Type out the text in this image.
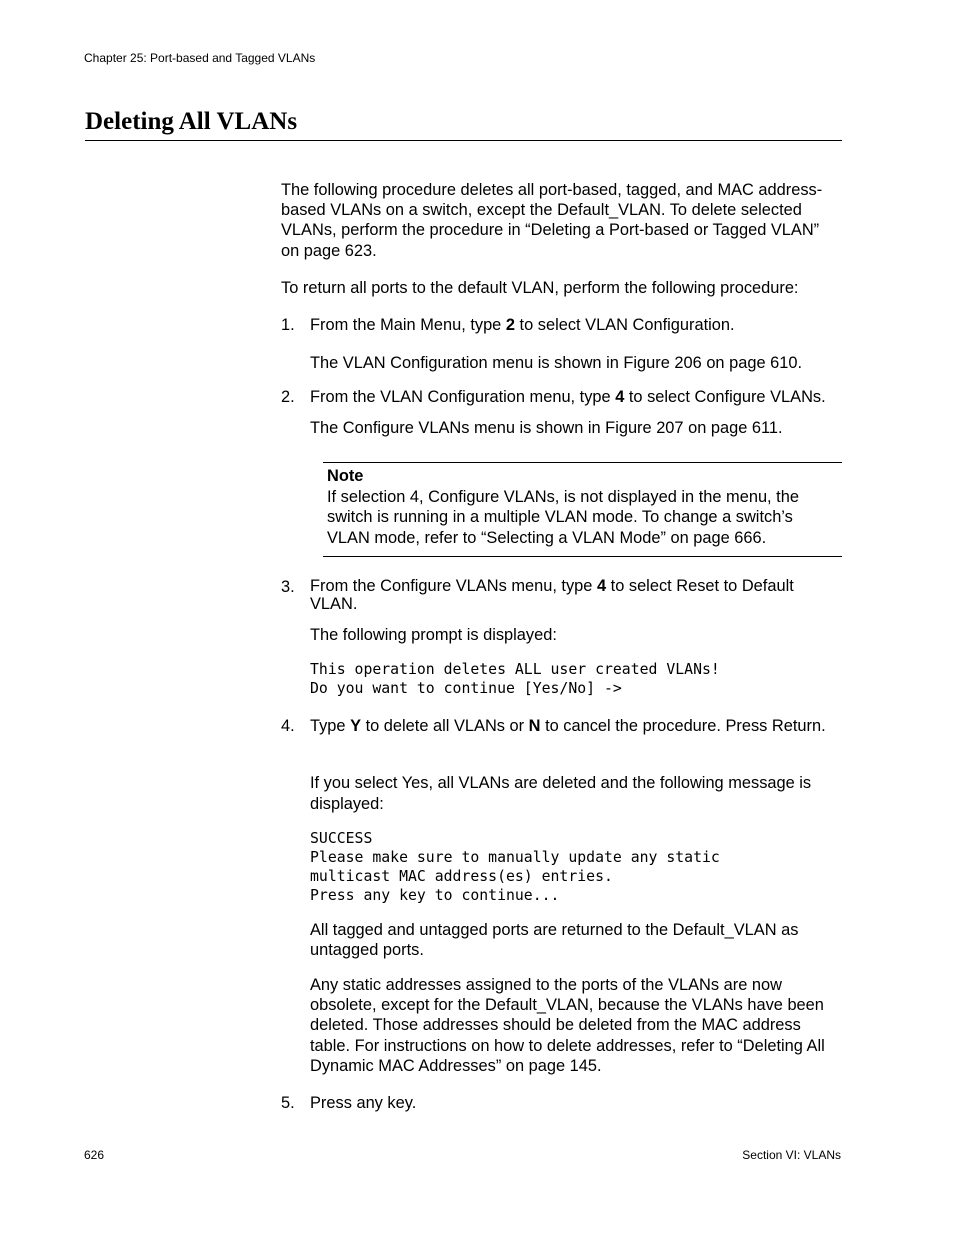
Chapter 25: Port-based and Tagged VLANs
Deleting All VLANs

The following procedure deletes all port-based, tagged, and MAC address-based VLANs on a switch, except the Default_VLAN. To delete selected VLANs, perform the procedure in “Deleting a Port-based or Tagged VLAN” on page 623.

To return all ports to the default VLAN, perform the following procedure:

1. From the Main Menu, type 2 to select VLAN Configuration.

The VLAN Configuration menu is shown in Figure 206 on page 610.

2. From the VLAN Configuration menu, type 4 to select Configure VLANs.

The Configure VLANs menu is shown in Figure 207 on page 611.

Note
If selection 4, Configure VLANs, is not displayed in the menu, the switch is running in a multiple VLAN mode. To change a switch’s VLAN mode, refer to “Selecting a VLAN Mode” on page 666.
3. From the Configure VLANs menu, type 4 to select Reset to Default VLAN.

The following prompt is displayed:

This operation deletes ALL user created VLANs!
Do you want to continue [Yes/No] ->
4. Type Y to delete all VLANs or N to cancel the procedure. Press Return.

If you select Yes, all VLANs are deleted and the following message is displayed:

SUCCESS
Please make sure to manually update any static
multicast MAC address(es) entries.
Press any key to continue...

All tagged and untagged ports are returned to the Default_VLAN as untagged ports.

Any static addresses assigned to the ports of the VLANs are now obsolete, except for the Default_VLAN, because the VLANs have been deleted. Those addresses should be deleted from the MAC address table. For instructions on how to delete addresses, refer to “Deleting All Dynamic MAC Addresses” on page 145.

5. Press any key.
626	Section VI: VLANs
